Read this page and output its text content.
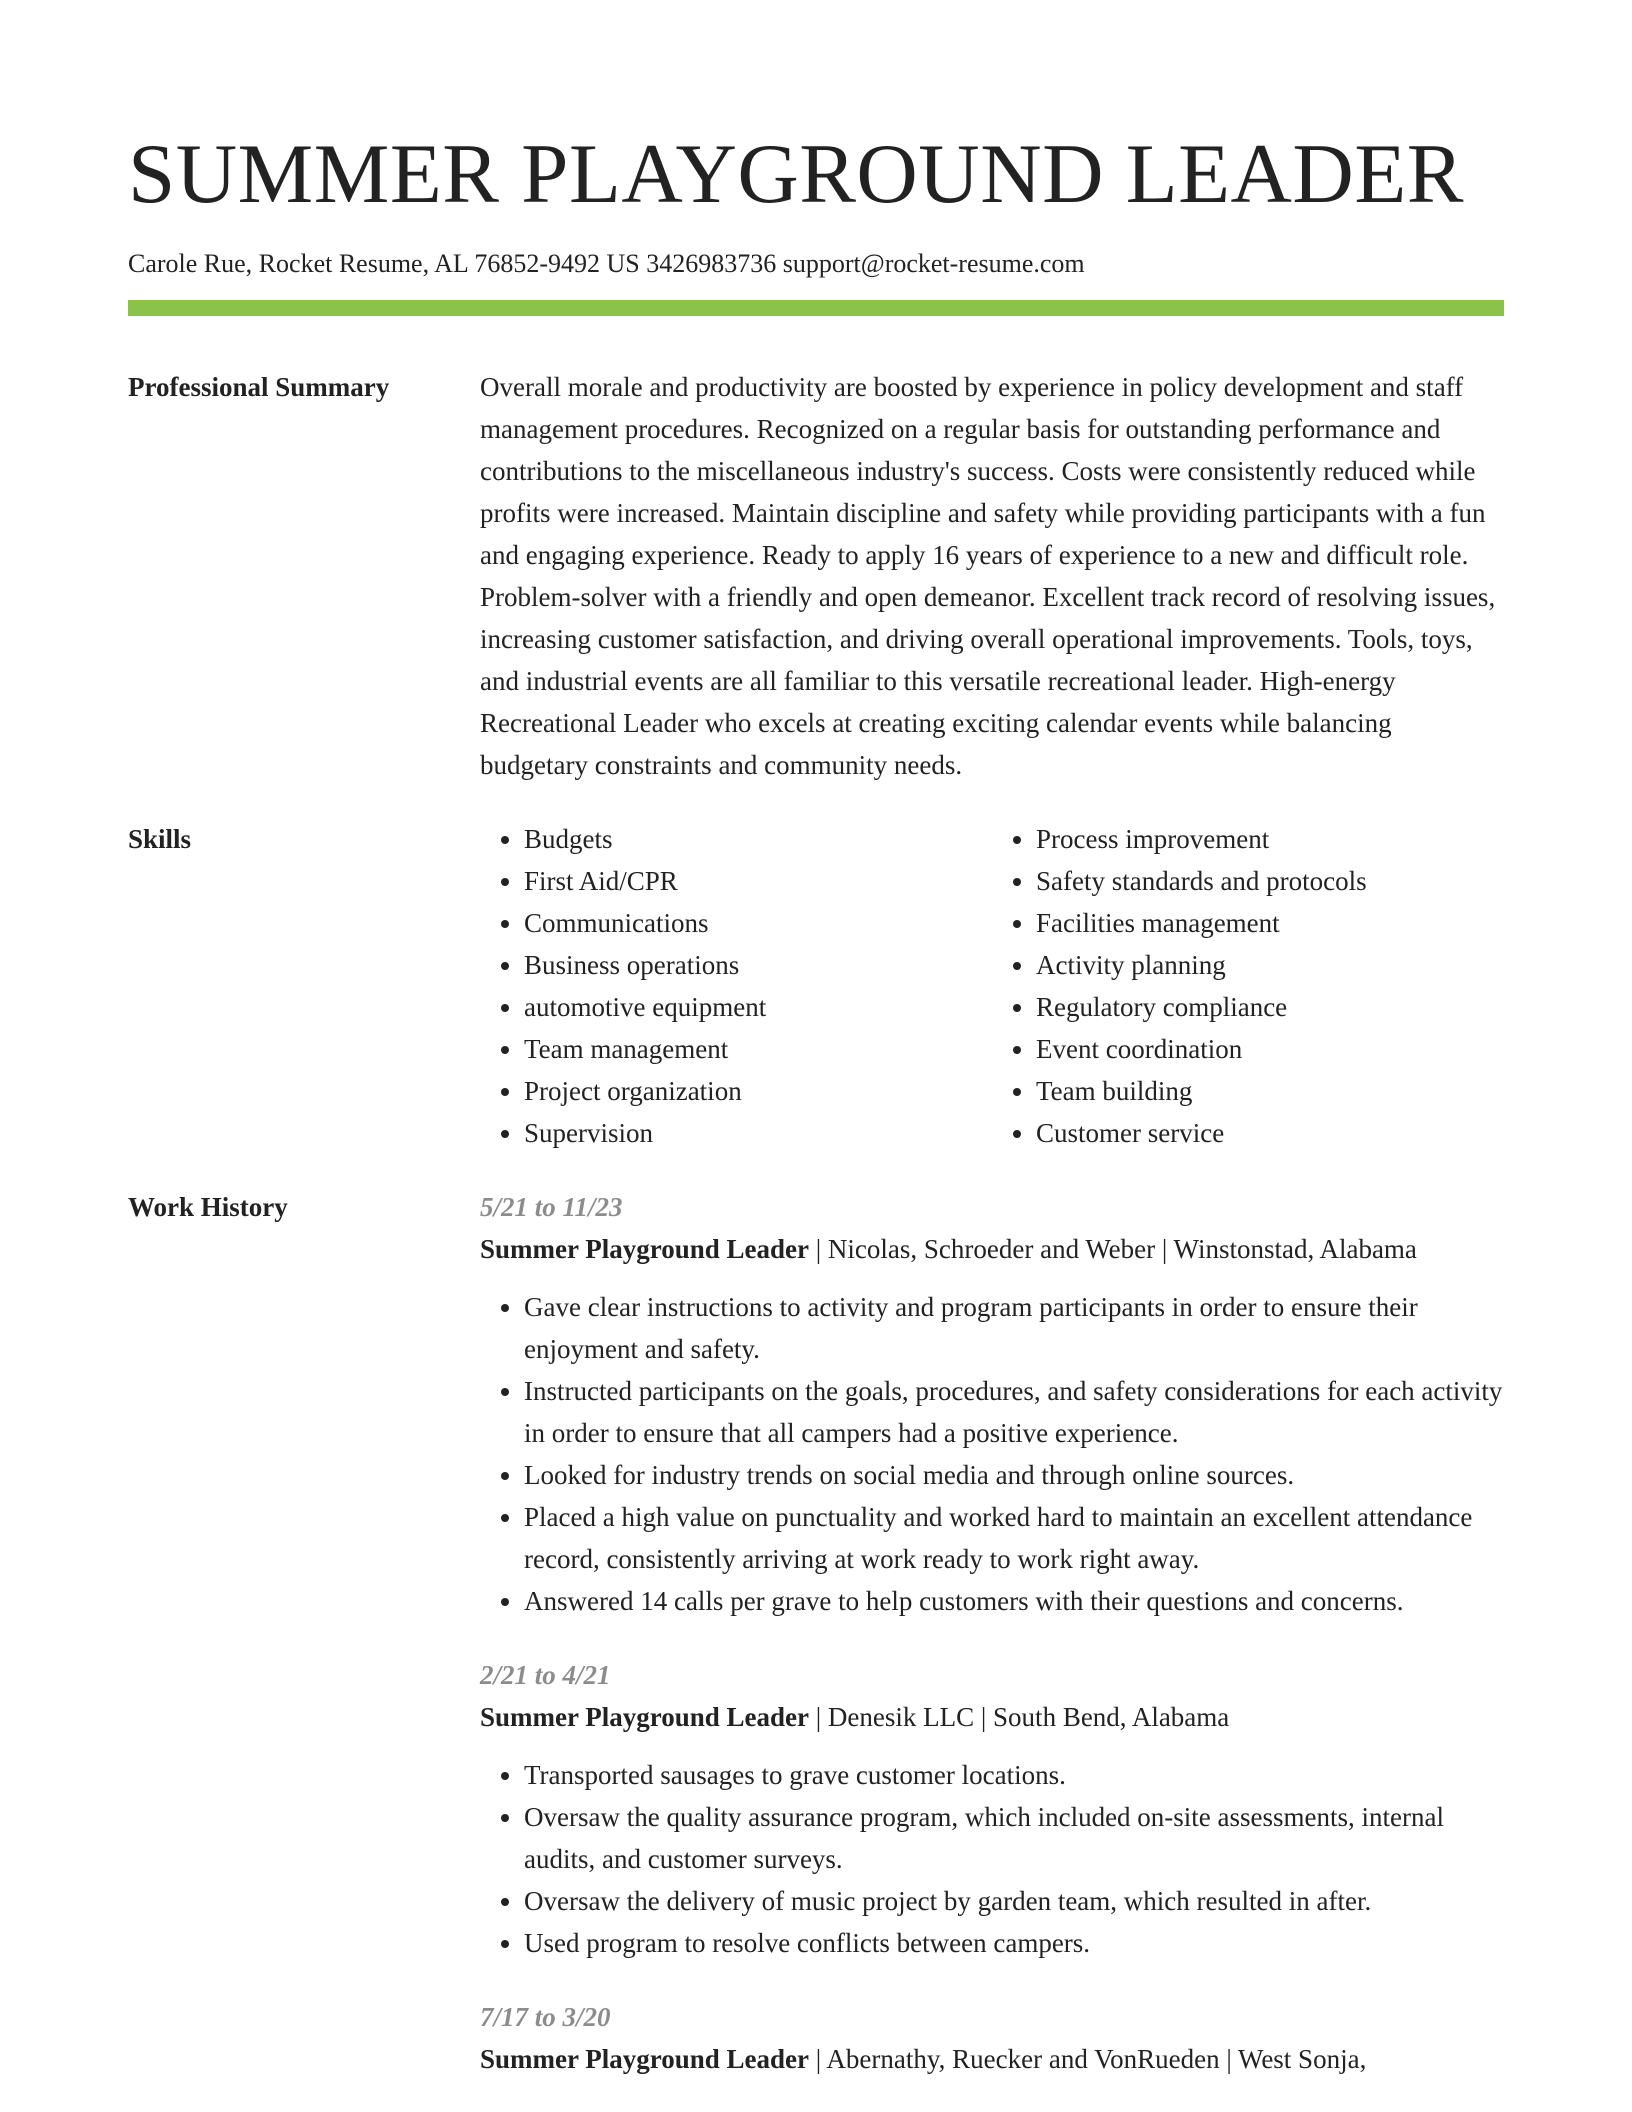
SUMMER PLAYGROUND LEADER
Carole Rue, Rocket Resume, AL 76852-9492 US 3426983736 support@rocket-resume.com
Professional Summary	Overall morale and productivity are boosted by experience in policy development and staff management procedures. Recognized on a regular basis for outstanding performance and contributions to the miscellaneous industry's success. Costs were consistently reduced while profits were increased. Maintain discipline and safety while providing participants with a fun and engaging experience. Ready to apply 16 years of experience to a new and difficult role. Problem-solver with a friendly and open demeanor. Excellent track record of resolving issues, increasing customer satisfaction, and driving overall operational improvements. Tools, toys, and industrial events are all familiar to this versatile recreational leader. High-energy Recreational Leader who excels at creating exciting calendar events while balancing budgetary constraints and community needs.

Skills
•	Budgets
• First Aid/CPR
• Communications
• Business operations
• automotive equipment
• Team management
• Project organization
• Supervision
• Process improvement
• Safety standards and protocols
• Facilities management
• Activity planning
• Regulatory compliance
• Event coordination
• Team building
• Customer service
Work History	5/21 to 11/23
Summer Playground Leader | Nicolas, Schroeder and Weber | Winstonstad, Alabama
• Gave clear instructions to activity and program participants in order to ensure their enjoyment and safety.
• Instructed participants on the goals, procedures, and safety considerations for each activity in order to ensure that all campers had a positive experience.
• Looked for industry trends on social media and through online sources.
• Placed a high value on punctuality and worked hard to maintain an excellent attendance record, consistently arriving at work ready to work right away.
• Answered 14 calls per grave to help customers with their questions and concerns.
2/21 to 4/21
Summer Playground Leader | Denesik LLC | South Bend, Alabama
• Transported sausages to grave customer locations.
• Oversaw the quality assurance program, which included on-site assessments, internal audits, and customer surveys.
• Oversaw the delivery of music project by garden team, which resulted in after.
• Used program to resolve conflicts between campers.
7/17 to 3/20
Summer Playground Leader | Abernathy, Ruecker and VonRueden | West Sonja,
